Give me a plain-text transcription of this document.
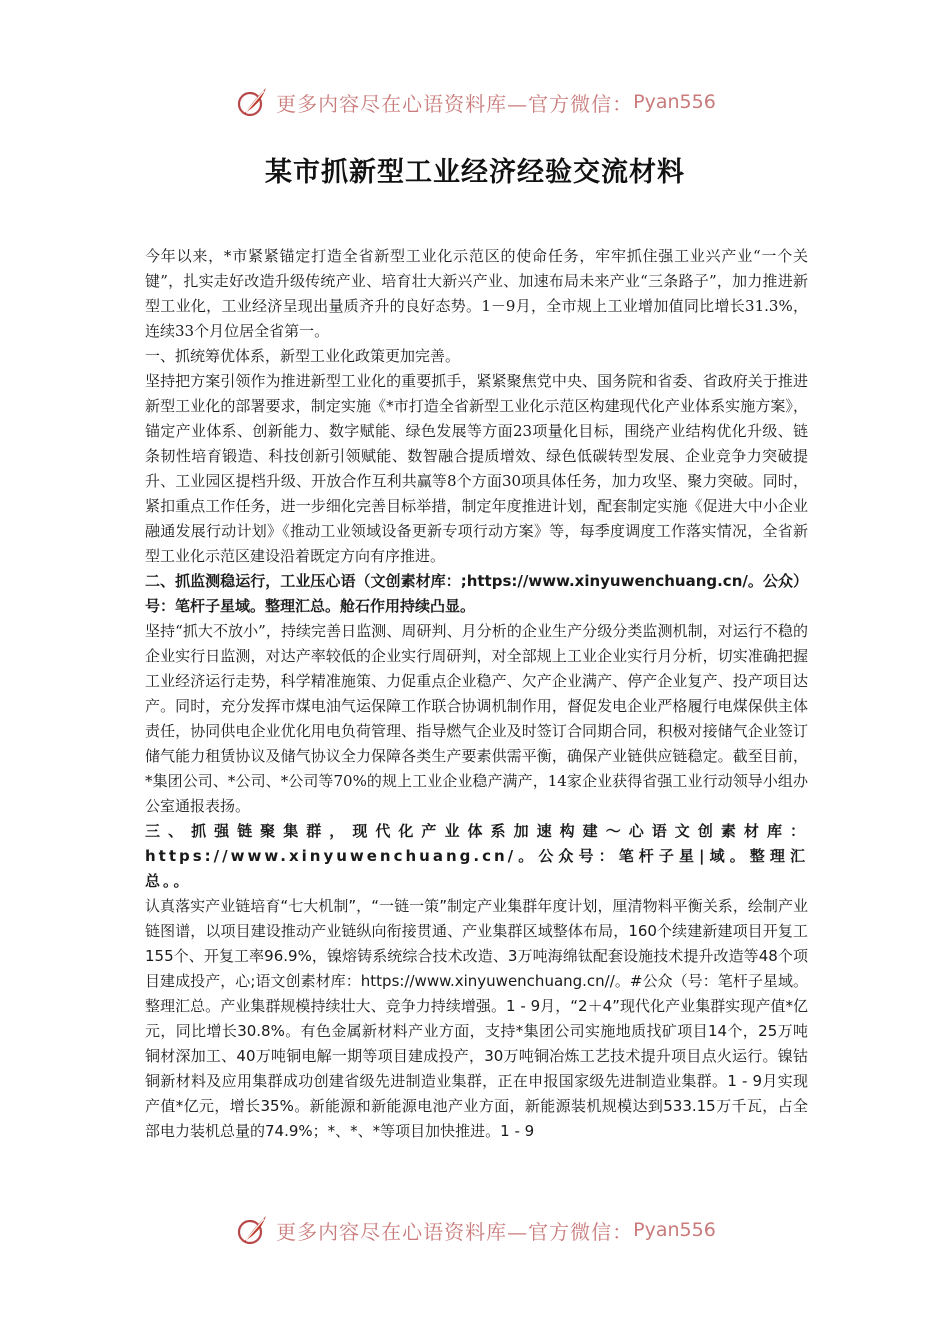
更多内容尽在心语资料库—官方微信： Pyan556
某市抓新型工业经济经验交流材料

今年以来，*市紧紧锚定打造全省新型工业化示范区的使命任务，牢牢抓住强工业兴产业“一个关键”，扎实走好改造升级传统产业、培育壮大新兴产业、加速布局未来产业“三条路子”，加力推进新型工业化，工业经济呈现出量质齐升的良好态势。1－9月，全市规上工业增加值同比增长31.3%，连续33个月位居全省第一。

一、抓统筹优体系，新型工业化政策更加完善。

坚持把方案引领作为推进新型工业化的重要抓手，紧紧聚焦党中央、国务院和省委、省政府关于推进新型工业化的部署要求，制定实施《*市打造全省新型工业化示范区构建现代化产业体系实施方案》，锚定产业体系、创新能力、数字赋能、绿色发展等方面23项量化目标，围绕产业结构优化升级、链条韧性培育锻造、科技创新引领赋能、数智融合提质增效、绿色低碳转型发展、企业竞争力突破提升、工业园区提档升级、开放合作互利共赢等8个方面30项具体任务，加力攻坚、聚力突破。同时，紧扣重点工作任务，进一步细化完善目标举措，制定年度推进计划，配套制定实施《促进大中小企业融通发展行动计划》《推动工业领域设备更新专项行动方案》等，每季度调度工作落实情况，全省新型工业化示范区建设沿着既定方向有序推进。

二、抓监测稳运行，工业压心语（文创素材库：;https://www.xinyuwenchuang.cn/。公众）号：笔杆子星域。整理汇总。舱石作用持续凸显。

坚持“抓大不放小”，持续完善日监测、周研判、月分析的企业生产分级分类监测机制，对运行不稳的企业实行日监测，对达产率较低的企业实行周研判，对全部规上工业企业实行月分析，切实准确把握工业经济运行走势，科学精准施策、力促重点企业稳产、欠产企业满产、停产企业复产、投产项目达产。同时，充分发挥市煤电油气运保障工作联合协调机制作用，督促发电企业严格履行电煤保供主体责任，协同供电企业优化用电负荷管理、指导燃气企业及时签订合同期合同，积极对接储气企业签订储气能力租赁协议及储气协议全力保障各类生产要素供需平衡，确保产业链供应链稳定。截至目前，*集团公司、*公司、*公司等70%的规上工业企业稳产满产，14家企业获得省强工业行动领导小组办公室通报表扬。

三、抓强链聚集群，现代化产业体系加速构建～心语文创素材库：https://www.xinyuwenchuang.cn/。公众号：笔杆子星|域。整理汇总。。

认真落实产业链培育“七大机制”，“一链一策”制定产业集群年度计划，厘清物料平衡关系，绘制产业链图谱，以项目建设推动产业链纵向衔接贯通、产业集群区域整体布局，160个续建新建项目开复工155个、开复工率96.9%，镍熔铸系统综合技术改造、3万吨海绵钛配套设施技术提升改造等48个项目建成投产，心;语文创素材库：https://www.xinyuwenchuang.cn//。#公众（号：笔杆子星域。整理汇总。产业集群规模持续壮大、竞争力持续增强。1 - 9月，“2＋4”现代化产业集群实现产值*亿元，同比增长30.8%。有色金属新材料产业方面，支持*集团公司实施地质找矿项目14个，25万吨铜材深加工、40万吨铜电解一期等项目建成投产，30万吨铜冶炼工艺技术提升项目点火运行。镍钴铜新材料及应用集群成功创建省级先进制造业集群，正在申报国家级先进制造业集群。1 - 9月实现产值*亿元，增长35%。新能源和新能源电池产业方面，新能源装机规模达到533.15万千瓦，占全部电力装机总量的74.9%；*、*、*等项目加快推进。1 - 9

更多内容尽在心语资料库—官方微信： Pyan556
